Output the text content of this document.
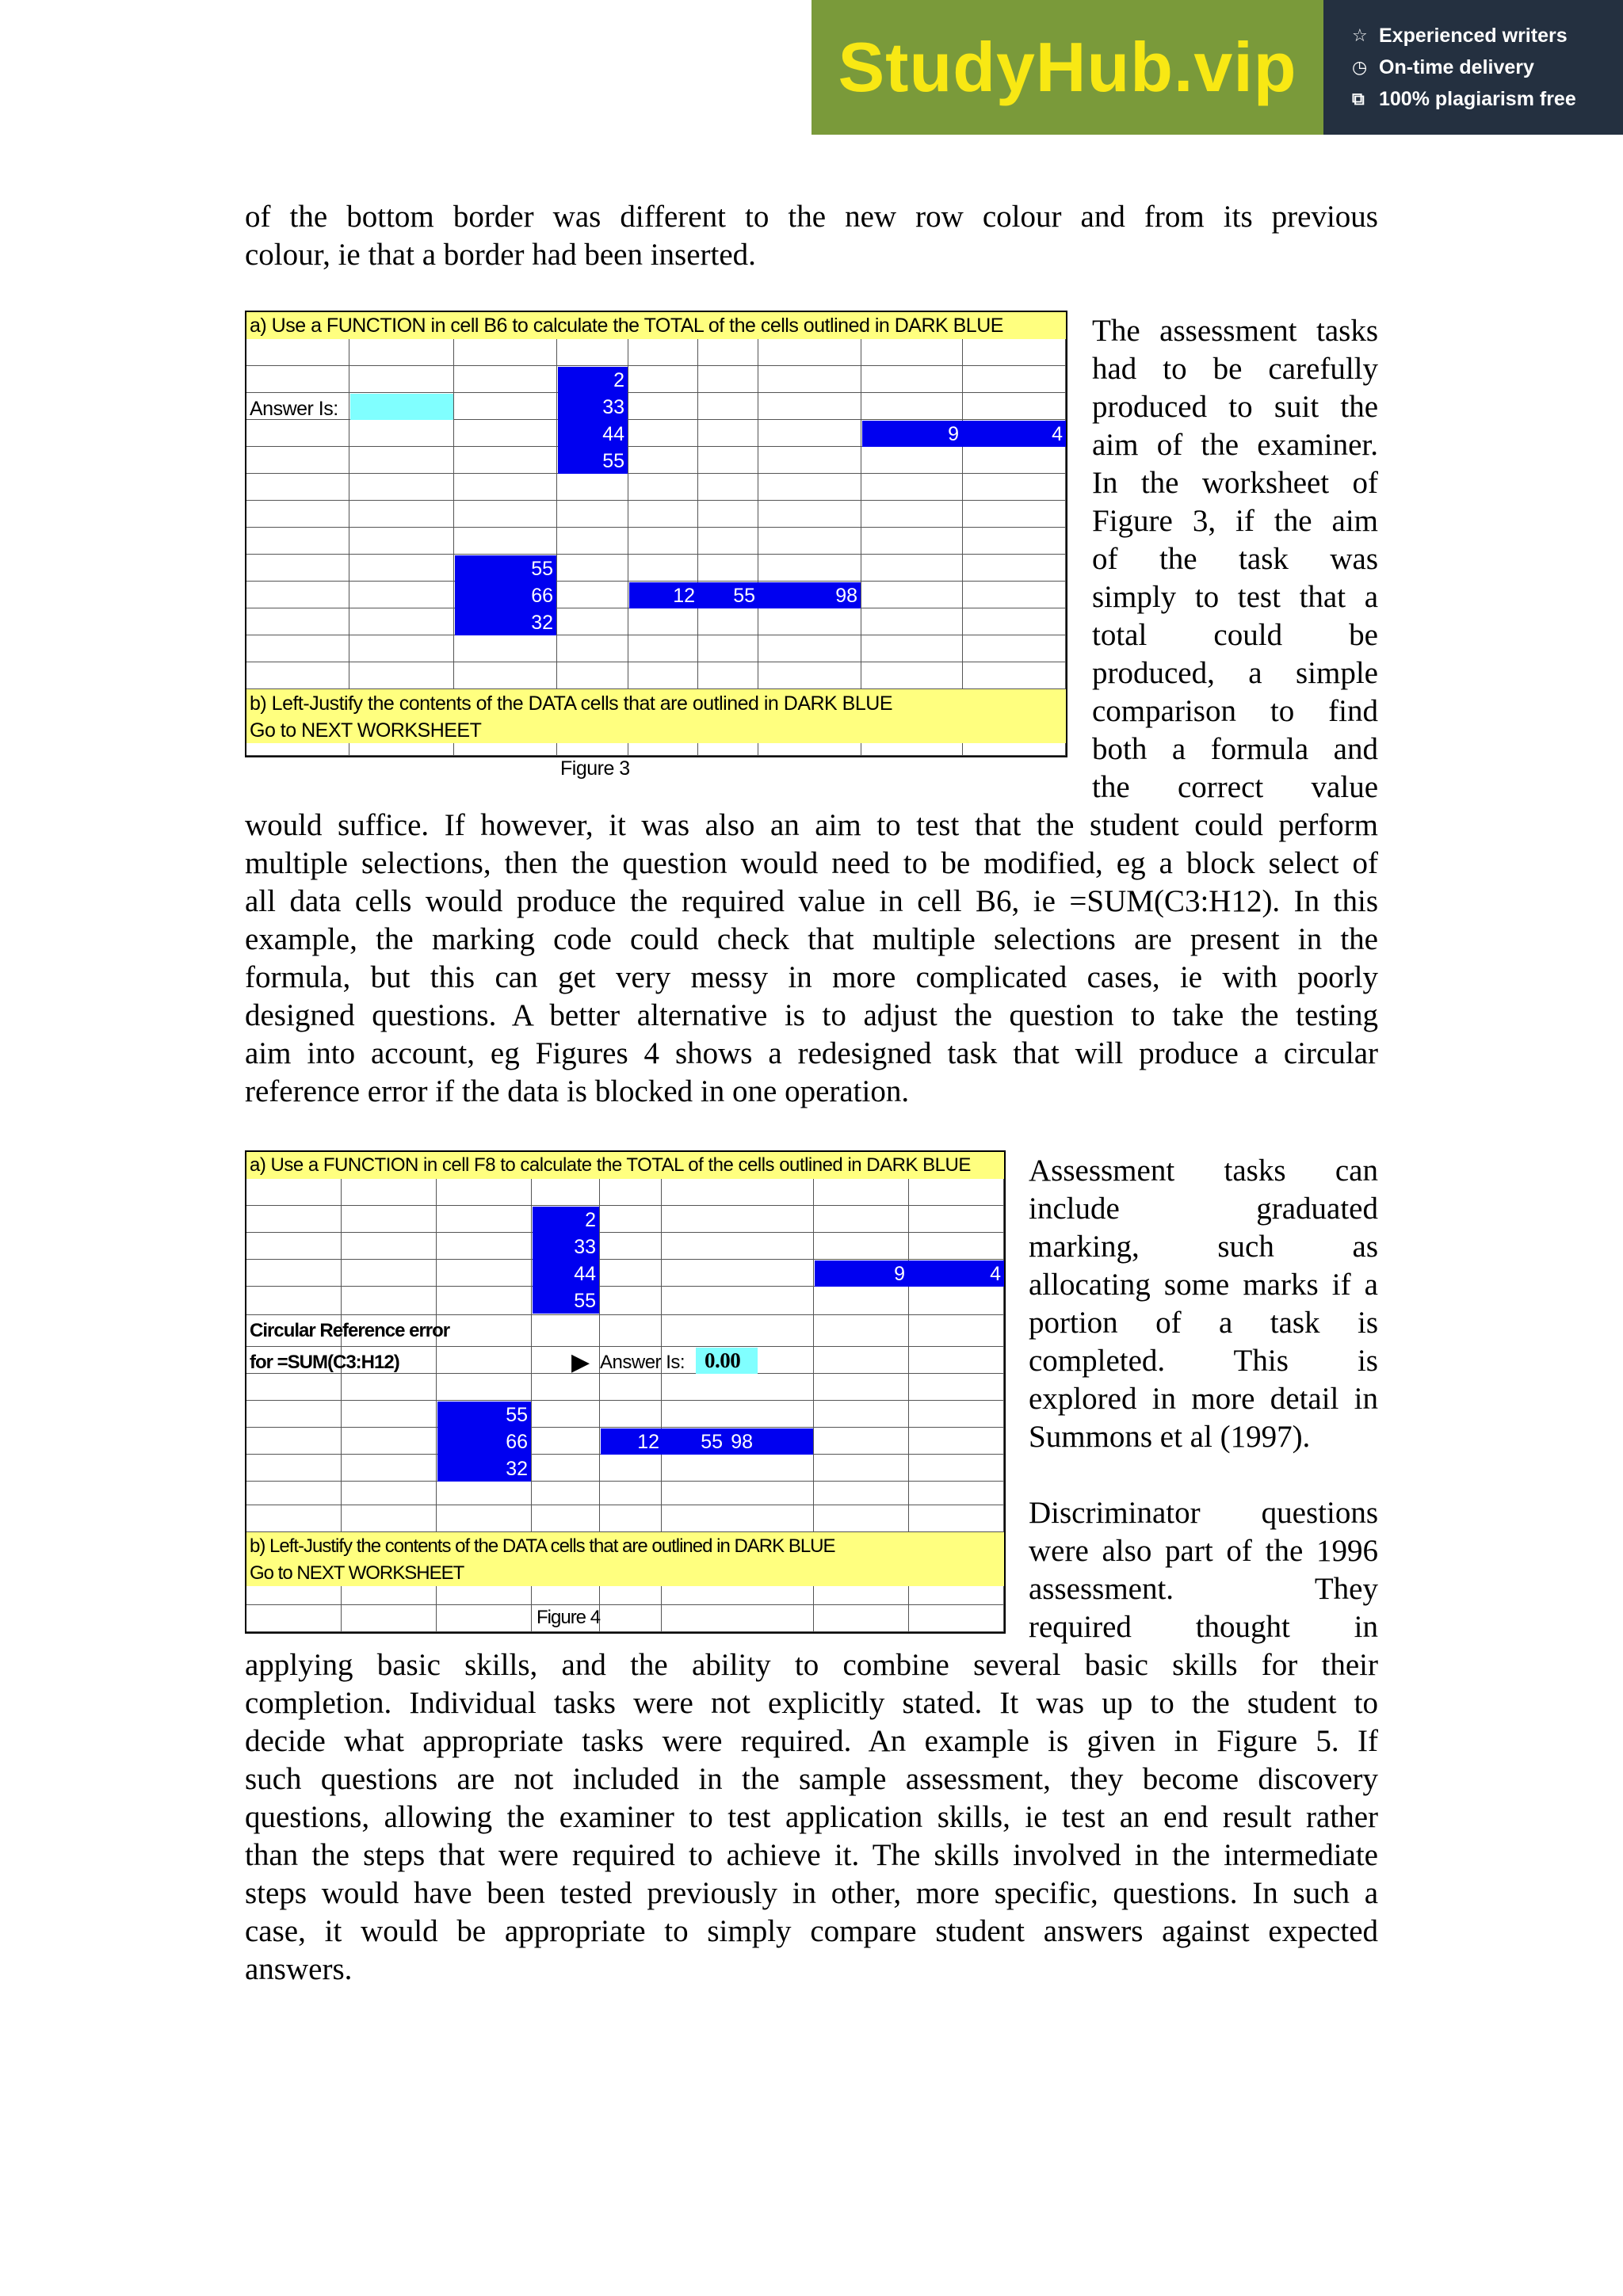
StudyHub.vip	☆ Experienced writers
◷ On-time delivery
⧉ 100% plagiarism free
of the bottom border was different to the new row colour and from its previous
colour, ie that a border had been inserted.
a) Use a FUNCTION in cell B6 to calculate the TOTAL of the cells outlined in DARK BLUE
Answer Is:
2
33
44
55
9	4
55
66
32
12	55	98
b) Left-Justify the contents of the DATA cells that are outlined in DARK BLUE
Go to NEXT WORKSHEET
Figure 3
The assessment tasks
had to be carefully
produced to suit the
aim of the examiner.
In the worksheet of
Figure 3, if the aim
of the task was
simply to test that a
total could be
produced, a simple
comparison to find
both a formula and
the correct value
would suffice. If however, it was also an aim to test that the student could perform
multiple selections, then the question would need to be modified, eg a block select of
all data cells would produce the required value in cell B6, ie =SUM(C3:H12). In this
example, the marking code could check that multiple selections are present in the
formula, but this can get very messy in more complicated cases, ie with poorly
designed questions. A better alternative is to adjust the question to take the testing
aim into account, eg Figures 4 shows a redesigned task that will produce a circular
reference error if the data is blocked in one operation.
a) Use a FUNCTION in cell F8 to calculate the TOTAL of the cells outlined in DARK BLUE
2
33
44
55
9	4
Circular Reference error
for =SUM(C3:H12)	▶ Answer Is: 0.00
55
66
32
12	55 98
b) Left-Justify the contents of the DATA cells that are outlined in DARK BLUE
Go to NEXT WORKSHEET
Figure 4
Assessment tasks can
include graduated
marking, such as
allocating some marks if a
portion of a task is
completed. This is
explored in more detail in
Summons et al (1997).
Discriminator questions
were also part of the 1996
assessment. They
required thought in
applying basic skills, and the ability to combine several basic skills for their
completion. Individual tasks were not explicitly stated. It was up to the student to
decide what appropriate tasks were required. An example is given in Figure 5. If
such questions are not included in the sample assessment, they become discovery
questions, allowing the examiner to test application skills, ie test an end result rather
than the steps that were required to achieve it. The skills involved in the intermediate
steps would have been tested previously in other, more specific, questions. In such a
case, it would be appropriate to simply compare student answers against expected
answers.
